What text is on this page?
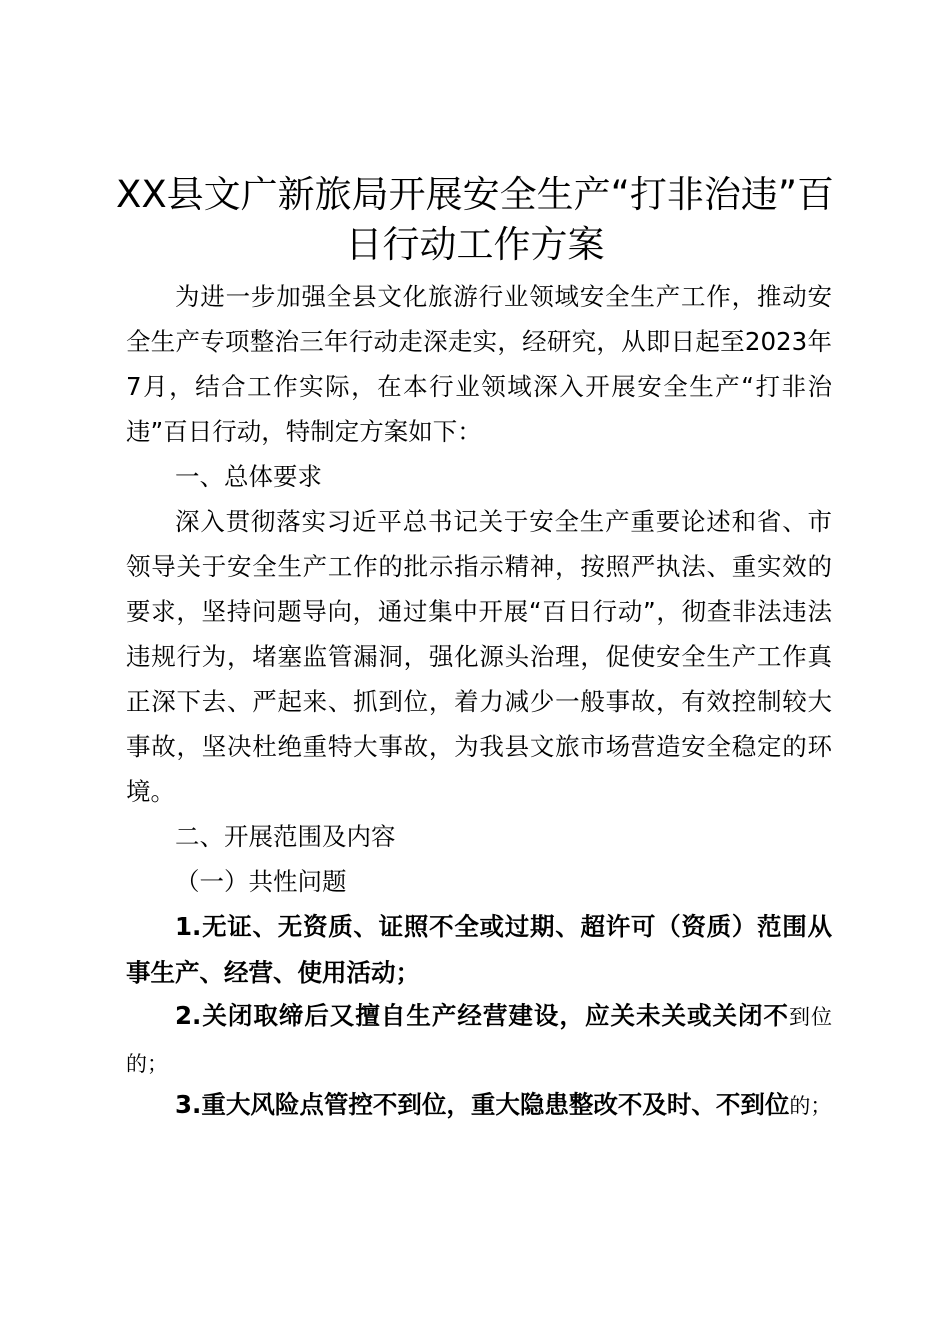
XX县文广新旅局开展安全生产“打非治违”百日行动工作方案
为进一步加强全县文化旅游行业领域安全生产工作，推动安全生产专项整治三年行动走深走实，经研究，从即日起至2023年7月，结合工作实际，在本行业领域深入开展安全生产“打非治违”百日行动，特制定方案如下：
一、总体要求
深入贯彻落实习近平总书记关于安全生产重要论述和省、市领导关于安全生产工作的批示指示精神，按照严执法、重实效的要求，坚持问题导向，通过集中开展“百日行动”，彻查非法违法违规行为，堵塞监管漏洞，强化源头治理，促使安全生产工作真正深下去、严起来、抓到位，着力减少一般事故，有效控制较大事故，坚决杜绝重特大事故，为我县文旅市场营造安全稳定的环境。
二、开展范围及内容
（一）共性问题
1.无证、无资质、证照不全或过期、超许可（资质）范围从事生产、经营、使用活动；
2.关闭取缔后又擅自生产经营建设，应关未关或关闭不到位的；
3.重大风险点管控不到位，重大隐患整改不及时、不到位的；
